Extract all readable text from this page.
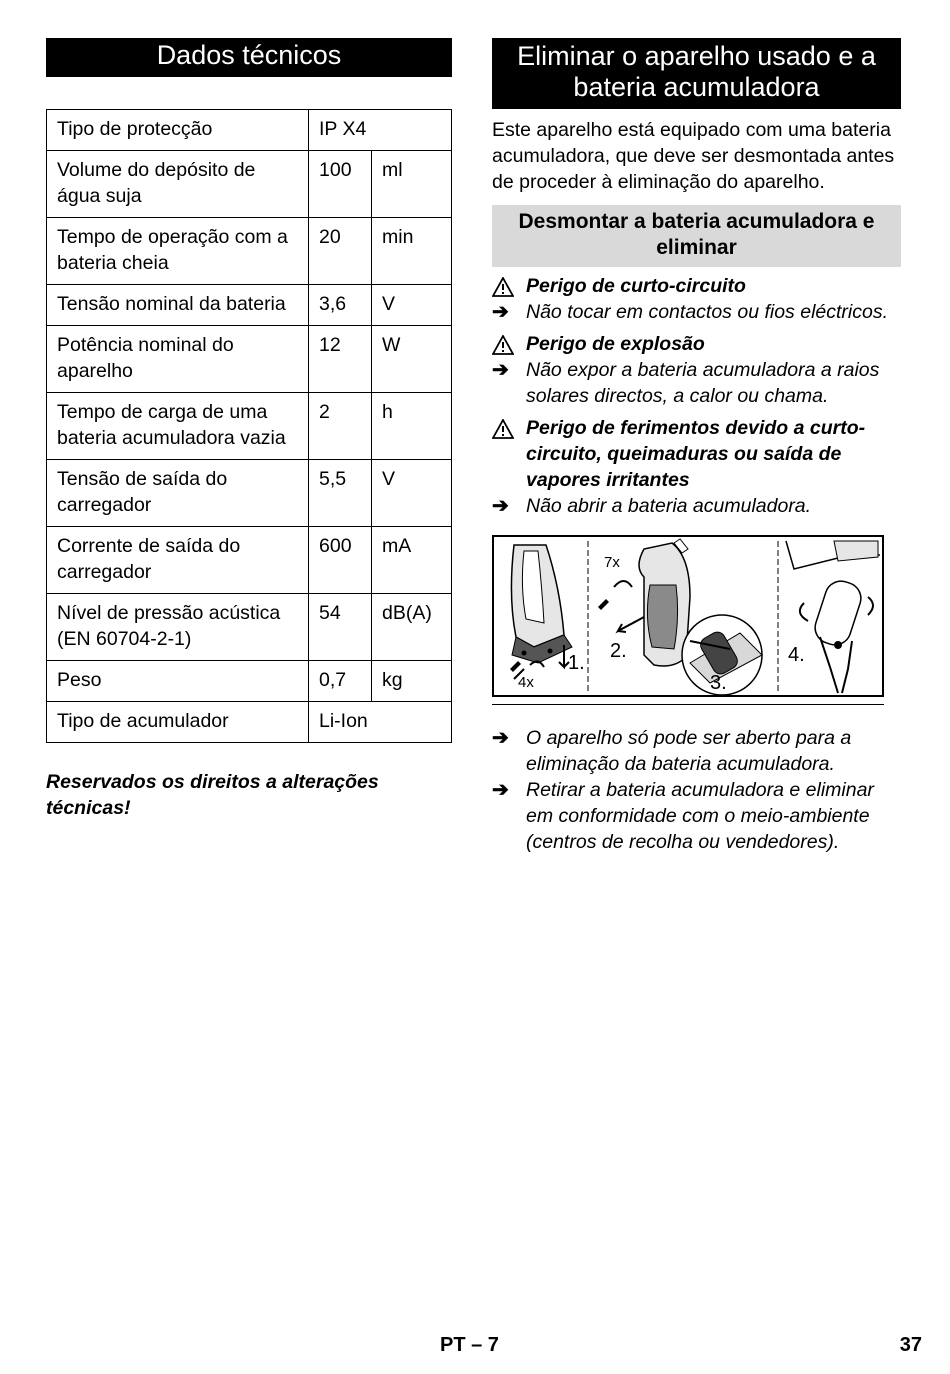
Dados técnicos
Tipo de protecção	IP X4	
Volume do depósito de água suja	100	ml
Tempo de operação com a bateria cheia	20	min
Tensão nominal da bateria	3,6	V
Potência nominal do aparelho	12	W
Tempo de carga de uma bateria acumuladora vazia	2	h
Tensão de saída do carregador	5,5	V
Corrente de saída do carregador	600	mA
Nível de pressão acústica (EN 60704-2-1)	54	dB(A)
Peso	0,7	kg
Tipo de acumulador	Li-Ion	
Reservados os direitos a alterações técnicas!
Eliminar o aparelho usado e a bateria acumuladora
Este aparelho está equipado com uma bateria acumuladora, que deve ser desmontada antes de proceder à eliminação do aparelho.
Desmontar a bateria acumuladora e eliminar
Perigo de curto-circuito
➔ Não tocar em contactos ou fios eléctricos.
Perigo de explosão
➔ Não expor a bateria acumuladora a raios solares directos, a calor ou chama.
Perigo de ferimentos devido a curto-circuito, queimaduras ou saída de vapores irritantes
➔ Não abrir a bateria acumuladora.
4x
1.
7x
2.
3.
4.
➔ O aparelho só pode ser aberto para a eliminação da bateria acumuladora.
➔ Retirar a bateria acumuladora e eliminar em conformidade com o meio-ambiente (centros de recolha ou vendedores).
PT – 7	37
